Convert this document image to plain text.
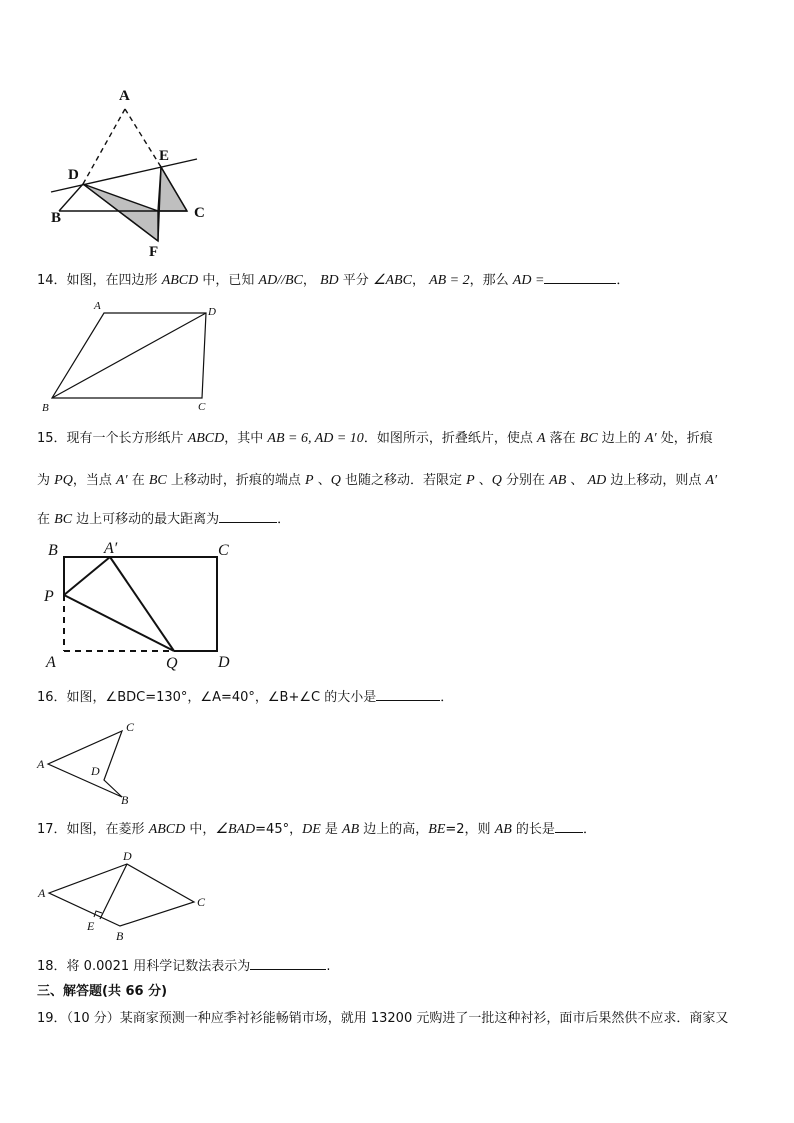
A
D
E
B	C
F
14．如图，在四边形 ABCD 中，已知 AD//BC， BD 平分 ∠ABC， AB = 2，那么 AD =	．
A	D
B	C
15．现有一个长方形纸片 ABCD，其中 AB = 6, AD = 10．如图所示，折叠纸片，使点 A 落在 BC 边上的 A′ 处，折痕
为 PQ，当点 A′ 在 BC 上移动时，折痕的端点 P 、Q 也随之移动．若限定 P 、Q 分别在 AB 、 AD 边上移动，则点 A′
在 BC 边上可移动的最大距离为	．
B	A′	C
P
A	Q	D
16．如图，∠BDC=130°，∠A=40°，∠B+∠C 的大小是	．
A
C
D
B
17．如图，在菱形 ABCD 中，∠BAD=45°，DE 是 AB 边上的高，BE=2，则 AB 的长是 ．
A
D
C
E
B
18．将 0.0021 用科学记数法表示为	.
三、解答题(共 66 分)
19．（10 分）某商家预测一种应季衬衫能畅销市场，就用 13200 元购进了一批这种衬衫，面市后果然供不应求．商家又
